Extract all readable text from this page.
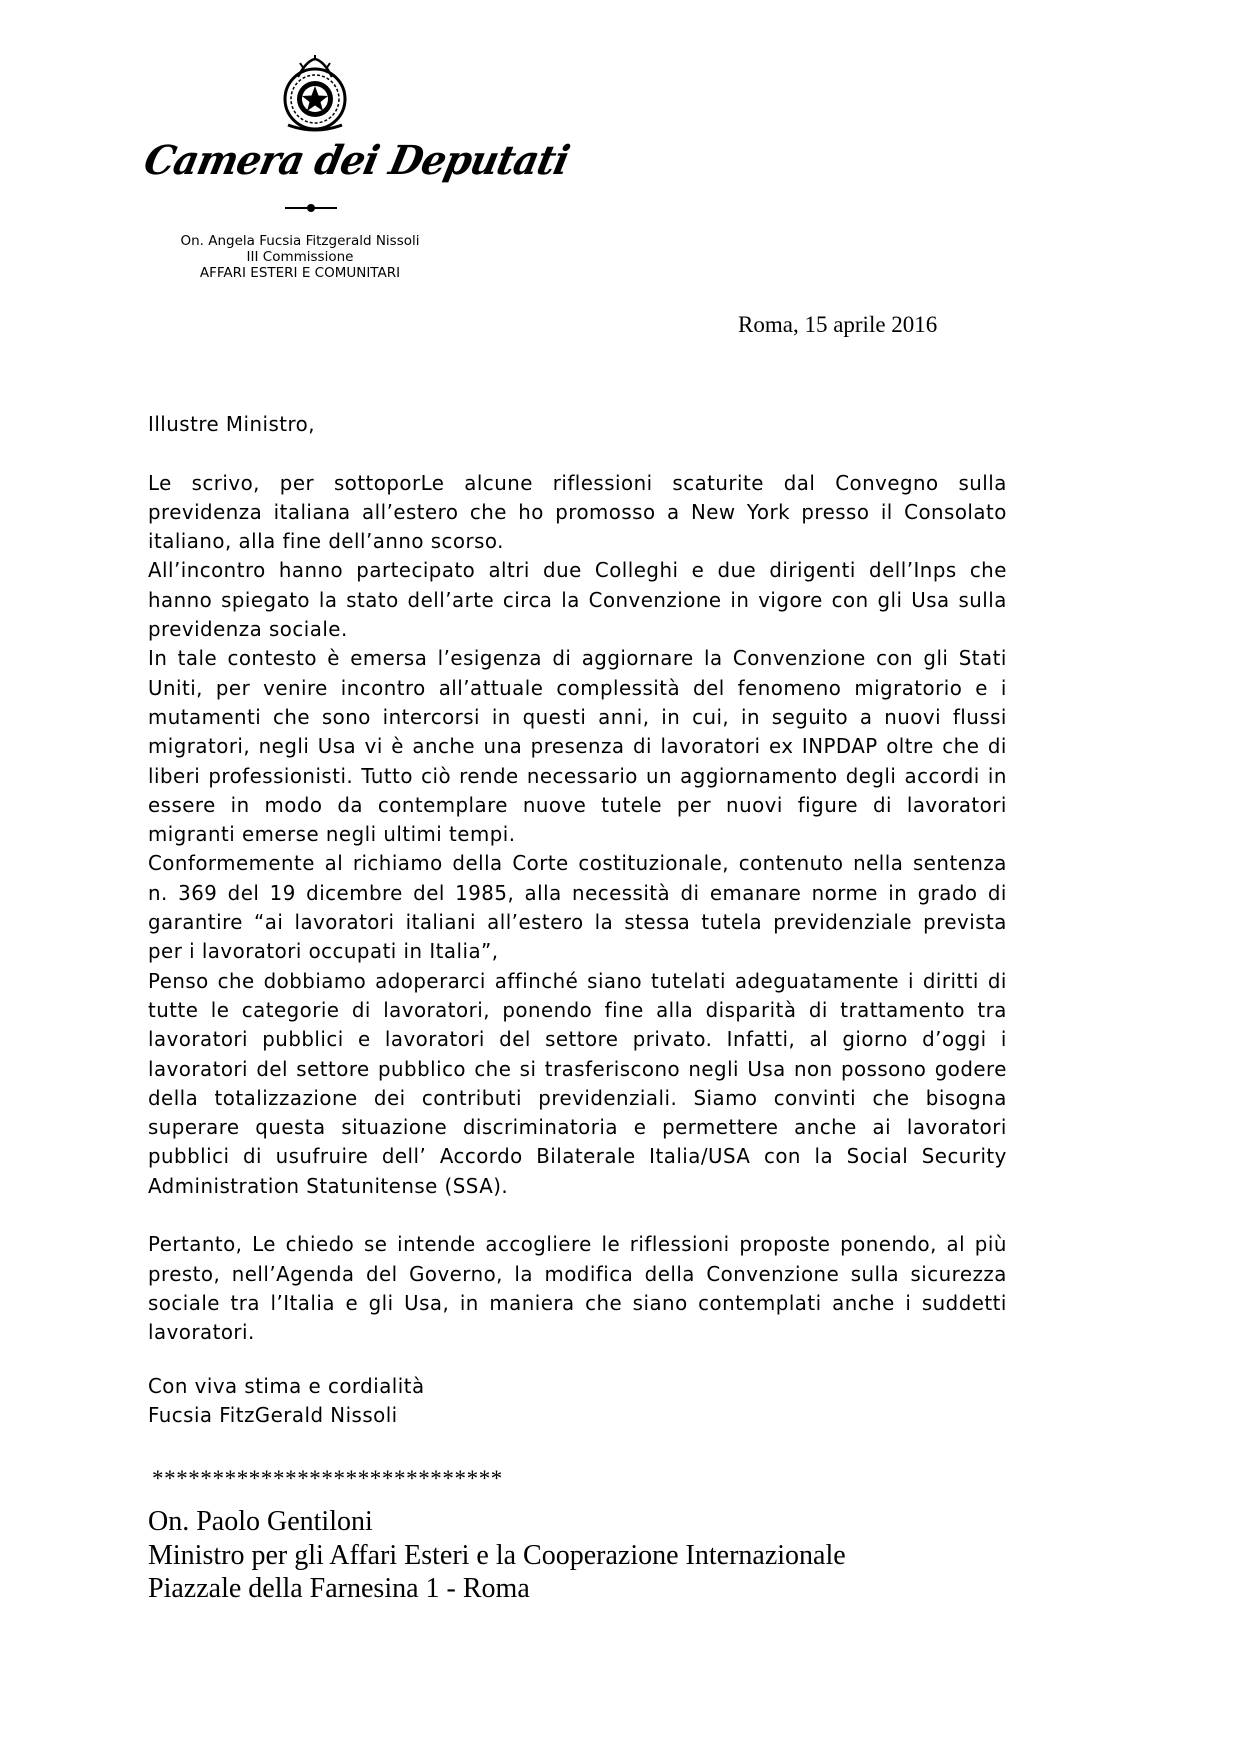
Camera dei Deputati
On. Angela Fucsia Fitzgerald Nissoli
III Commissione
AFFARI ESTERI E COMUNITARI
Roma, 15 aprile 2016

Illustre Ministro,

Le scrivo, per sottoporLe alcune riflessioni scaturite dal Convegno sulla previdenza italiana all’estero che ho promosso a New York presso il Consolato italiano, alla fine dell’anno scorso.

All’incontro hanno partecipato altri due Colleghi e due dirigenti dell’Inps che hanno spiegato la stato dell’arte circa la Convenzione in vigore con gli Usa sulla previdenza sociale.

In tale contesto è emersa l’esigenza di aggiornare la Convenzione con gli Stati Uniti, per venire incontro all’attuale complessità del fenomeno migratorio e i mutamenti che sono intercorsi in questi anni, in cui, in seguito a nuovi flussi migratori, negli Usa vi è anche una presenza di lavoratori ex INPDAP oltre che di liberi professionisti. Tutto ciò rende necessario un aggiornamento degli accordi in essere in modo da contemplare nuove tutele per nuovi figure di lavoratori migranti emerse negli ultimi tempi.

Conformemente al richiamo della Corte costituzionale, contenuto nella sentenza n. 369 del 19 dicembre del 1985, alla necessità di emanare norme in grado di garantire “ai lavoratori italiani all’estero la stessa tutela previdenziale prevista per i lavoratori occupati in Italia”,

Penso che dobbiamo adoperarci affinché siano tutelati adeguatamente i diritti di tutte le categorie di lavoratori, ponendo fine alla disparità di trattamento tra lavoratori pubblici e lavoratori del settore privato. Infatti, al giorno d’oggi i lavoratori del settore pubblico che si trasferiscono negli Usa non possono godere della totalizzazione dei contributi previdenziali. Siamo convinti che bisogna superare questa situazione discriminatoria e permettere anche ai lavoratori pubblici di usufruire dell’ Accordo Bilaterale Italia/USA con la Social Security Administration Statunitense (SSA).

Pertanto, Le chiedo se intende accogliere le riflessioni proposte ponendo, al più presto, nell’Agenda del Governo, la modifica della Convenzione sulla sicurezza sociale tra l’Italia e gli Usa, in maniera che siano contemplati anche i suddetti lavoratori.

Con viva stima e cordialità
Fucsia FitzGerald Nissoli
*****************************
On. Paolo Gentiloni
Ministro per gli Affari Esteri e la Cooperazione Internazionale
Piazzale della Farnesina 1 - Roma
